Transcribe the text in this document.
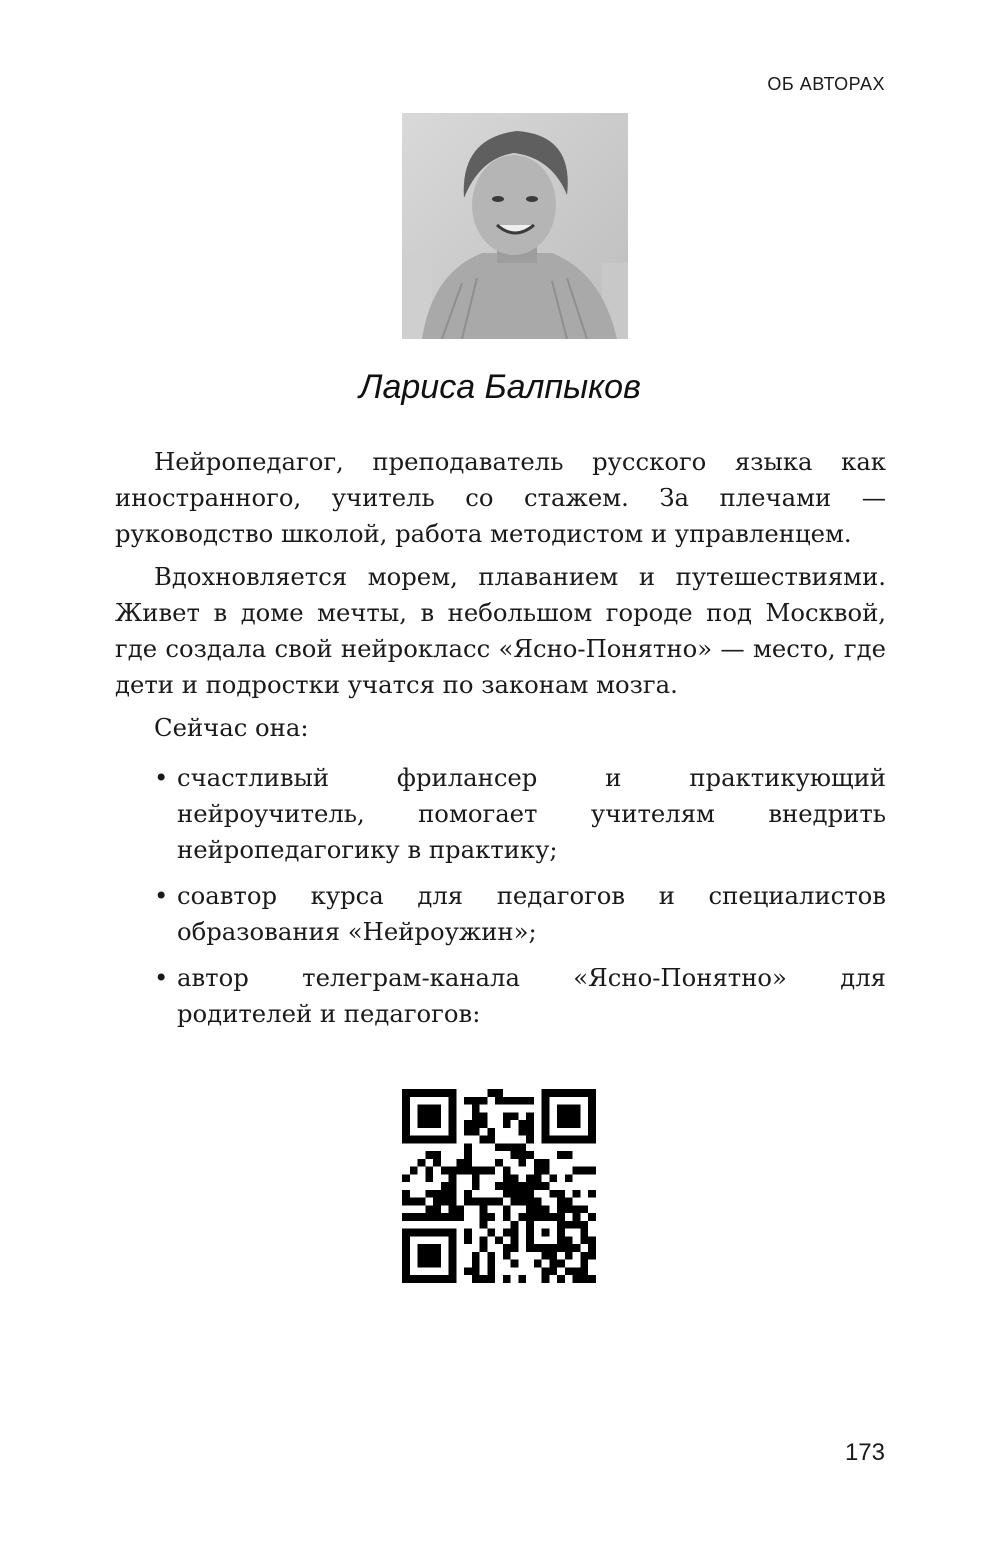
ОБ АВТОРАХ
Лариса Балпыков

Нейропедагог, преподаватель русского языка как иностранного, учитель со стажем. За плечами — руководство школой, работа методистом и управленцем.

Вдохновляется морем, плаванием и путешествиями. Живет в доме мечты, в небольшом городе под Москвой, где создала свой нейрокласс «Ясно-Понятно» — место, где дети и подростки учатся по законам мозга.

Сейчас она:

• счастливый фрилансер и практикующий нейроучитель, помогает учителям внедрить нейропедагогику в практику;
• соавтор курса для педагогов и специалистов образования «Нейроужин»;
• автор телеграм-канала «Ясно-Понятно» для родителей и педагогов:
173
